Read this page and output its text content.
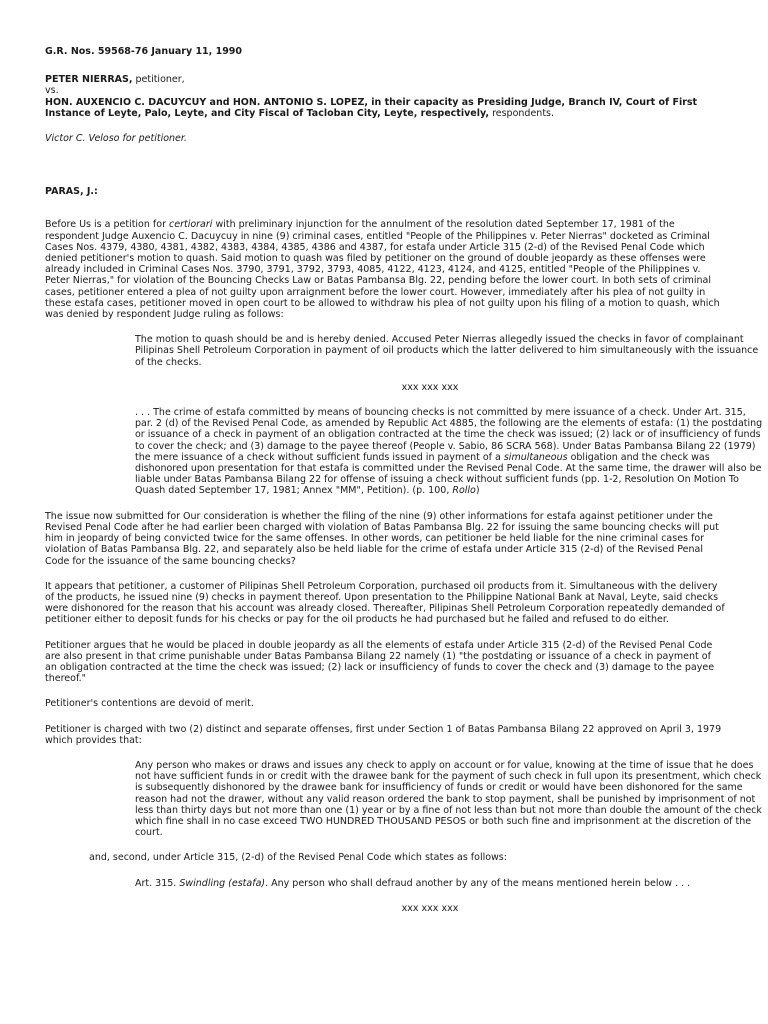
G.R. Nos. 59568-76 January 11, 1990

PETER NIERRAS, petitioner,

vs.

HON. AUXENCIO C. DACUYCUY and HON. ANTONIO S. LOPEZ, in their capacity as Presiding Judge, Branch IV, Court of First Instance of Leyte, Palo, Leyte, and City Fiscal of Tacloban City, Leyte, respectively, respondents.

Victor C. Veloso for petitioner.

PARAS, J.:

Before Us is a petition for certiorari with preliminary injunction for the annulment of the resolution dated September 17, 1981 of the respondent Judge Auxencio C. Dacuycuy in nine (9) criminal cases, entitled "People of the Philippines v. Peter Nierras" docketed as Criminal Cases Nos. 4379, 4380, 4381, 4382, 4383, 4384, 4385, 4386 and 4387, for estafa under Article 315 (2-d) of the Revised Penal Code which denied petitioner's motion to quash. Said motion to quash was filed by petitioner on the ground of double jeopardy as these offenses were already included in Criminal Cases Nos. 3790, 3791, 3792, 3793, 4085, 4122, 4123, 4124, and 4125, entitled "People of the Philippines v. Peter Nierras," for violation of the Bouncing Checks Law or Batas Pambansa Blg. 22, pending before the lower court. In both sets of criminal cases, petitioner entered a plea of not guilty upon arraignment before the lower court. However, immediately after his plea of not guilty in these estafa cases, petitioner moved in open court to be allowed to withdraw his plea of not guilty upon his filing of a motion to quash, which was denied by respondent Judge ruling as follows:

The motion to quash should be and is hereby denied. Accused Peter Nierras allegedly issued the checks in favor of complainant Pilipinas Shell Petroleum Corporation in payment of oil products which the latter delivered to him simultaneously with the issuance of the checks.

xxx xxx xxx

. . . The crime of estafa committed by means of bouncing checks is not committed by mere issuance of a check. Under Art. 315, par. 2 (d) of the Revised Penal Code, as amended by Republic Act 4885, the following are the elements of estafa: (1) the postdating or issuance of a check in payment of an obligation contracted at the time the check was issued; (2) lack or of insufficiency of funds to cover the check; and (3) damage to the payee thereof (People v. Sabio, 86 SCRA 568). Under Batas Pambansa Bilang 22 (1979) the mere issuance of a check without sufficient funds issued in payment of a simultaneous obligation and the check was dishonored upon presentation for that estafa is committed under the Revised Penal Code. At the same time, the drawer will also be liable under Batas Pambansa Bilang 22 for offense of issuing a check without sufficient funds (pp. 1-2, Resolution On Motion To Quash dated September 17, 1981; Annex "MM", Petition). (p. 100, Rollo)

The issue now submitted for Our consideration is whether the filing of the nine (9) other informations for estafa against petitioner under the Revised Penal Code after he had earlier been charged with violation of Batas Pambansa Blg. 22 for issuing the same bouncing checks will put him in jeopardy of being convicted twice for the same offenses. In other words, can petitioner be held liable for the nine criminal cases for violation of Batas Pambansa Blg. 22, and separately also be held liable for the crime of estafa under Article 315 (2-d) of the Revised Penal Code for the issuance of the same bouncing checks?

It appears that petitioner, a customer of Pilipinas Shell Petroleum Corporation, purchased oil products from it. Simultaneous with the delivery of the products, he issued nine (9) checks in payment thereof. Upon presentation to the Philippine National Bank at Naval, Leyte, said checks were dishonored for the reason that his account was already closed. Thereafter, Pilipinas Shell Petroleum Corporation repeatedly demanded of petitioner either to deposit funds for his checks or pay for the oil products he had purchased but he failed and refused to do either.

Petitioner argues that he would be placed in double jeopardy as all the elements of estafa under Article 315 (2-d) of the Revised Penal Code are also present in that crime punishable under Batas Pambansa Bilang 22 namely (1) "the postdating or issuance of a check in payment of an obligation contracted at the time the check was issued; (2) lack or insufficiency of funds to cover the check and (3) damage to the payee thereof."

Petitioner's contentions are devoid of merit.

Petitioner is charged with two (2) distinct and separate offenses, first under Section 1 of Batas Pambansa Bilang 22 approved on April 3, 1979 which provides that:

Any person who makes or draws and issues any check to apply on account or for value, knowing at the time of issue that he does not have sufficient funds in or credit with the drawee bank for the payment of such check in full upon its presentment, which check is subsequently dishonored by the drawee bank for insufficiency of funds or credit or would have been dishonored for the same reason had not the drawer, without any valid reason ordered the bank to stop payment, shall be punished by imprisonment of not less than thirty days but not more than one (1) year or by a fine of not less than but not more than double the amount of the check which fine shall in no case exceed TWO HUNDRED THOUSAND PESOS or both such fine and imprisonment at the discretion of the court.

and, second, under Article 315, (2-d) of the Revised Penal Code which states as follows:

Art. 315. Swindling (estafa). Any person who shall defraud another by any of the means mentioned herein below . . .

xxx xxx xxx
